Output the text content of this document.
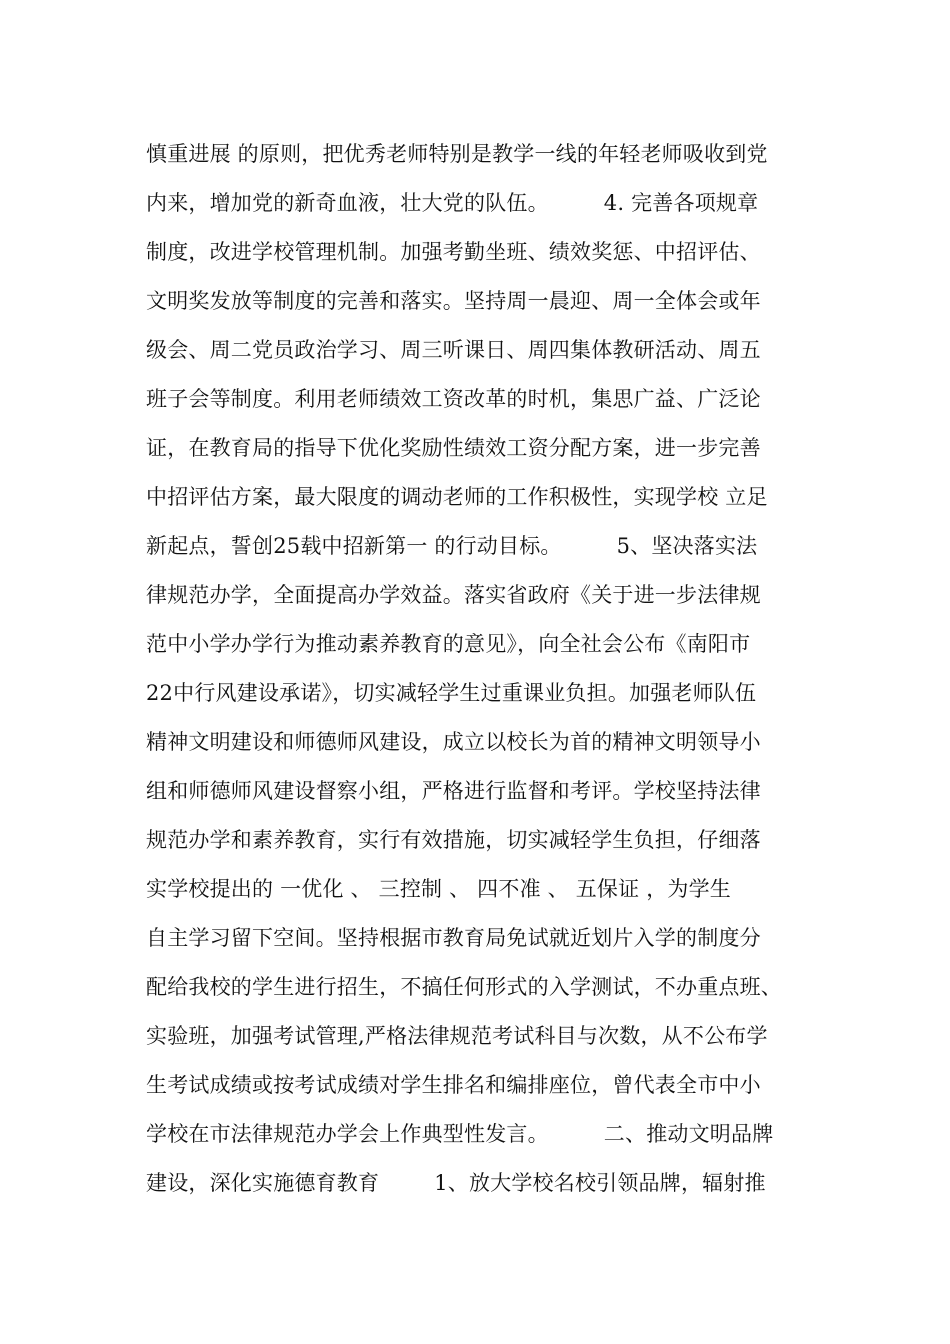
慎重进展 的原则，把优秀老师特别是教学一线的年轻老师吸收到党
内来，增加党的新奇血液，壮大党的队伍。        4. 完善各项规章
制度，改进学校管理机制。加强考勤坐班、绩效奖惩、中招评估、
文明奖发放等制度的完善和落实。坚持周一晨迎、周一全体会或年
级会、周二党员政治学习、周三听课日、周四集体教研活动、周五
班子会等制度。利用老师绩效工资改革的时机，集思广益、广泛论
证，在教育局的指导下优化奖励性绩效工资分配方案，进一步完善
中招评估方案，最大限度的调动老师的工作积极性，实现学校 立足
新起点，誓创25载中招新第一 的行动目标。        5、坚决落实法
律规范办学，全面提高办学效益。落实省政府《关于进一步法律规
范中小学办学行为推动素养教育的意见》，向全社会公布《南阳市
22中行风建设承诺》，切实减轻学生过重课业负担。加强老师队伍
精神文明建设和师德师风建设，成立以校长为首的精神文明领导小
组和师德师风建设督察小组，严格进行监督和考评。学校坚持法律
规范办学和素养教育，实行有效措施，切实减轻学生负担，仔细落
实学校提出的 一优化 、 三控制 、 四不准 、 五保证 ，为学生
自主学习留下空间。坚持根据市教育局免试就近划片入学的制度分
配给我校的学生进行招生，不搞任何形式的入学测试，不办重点班、
实验班，加强考试管理,严格法律规范考试科目与次数，从不公布学
生考试成绩或按考试成绩对学生排名和编排座位，曾代表全市中小
学校在市法律规范办学会上作典型性发言。        二、推动文明品牌
建设，深化实施德育教育        1、放大学校名校引领品牌，辐射推
